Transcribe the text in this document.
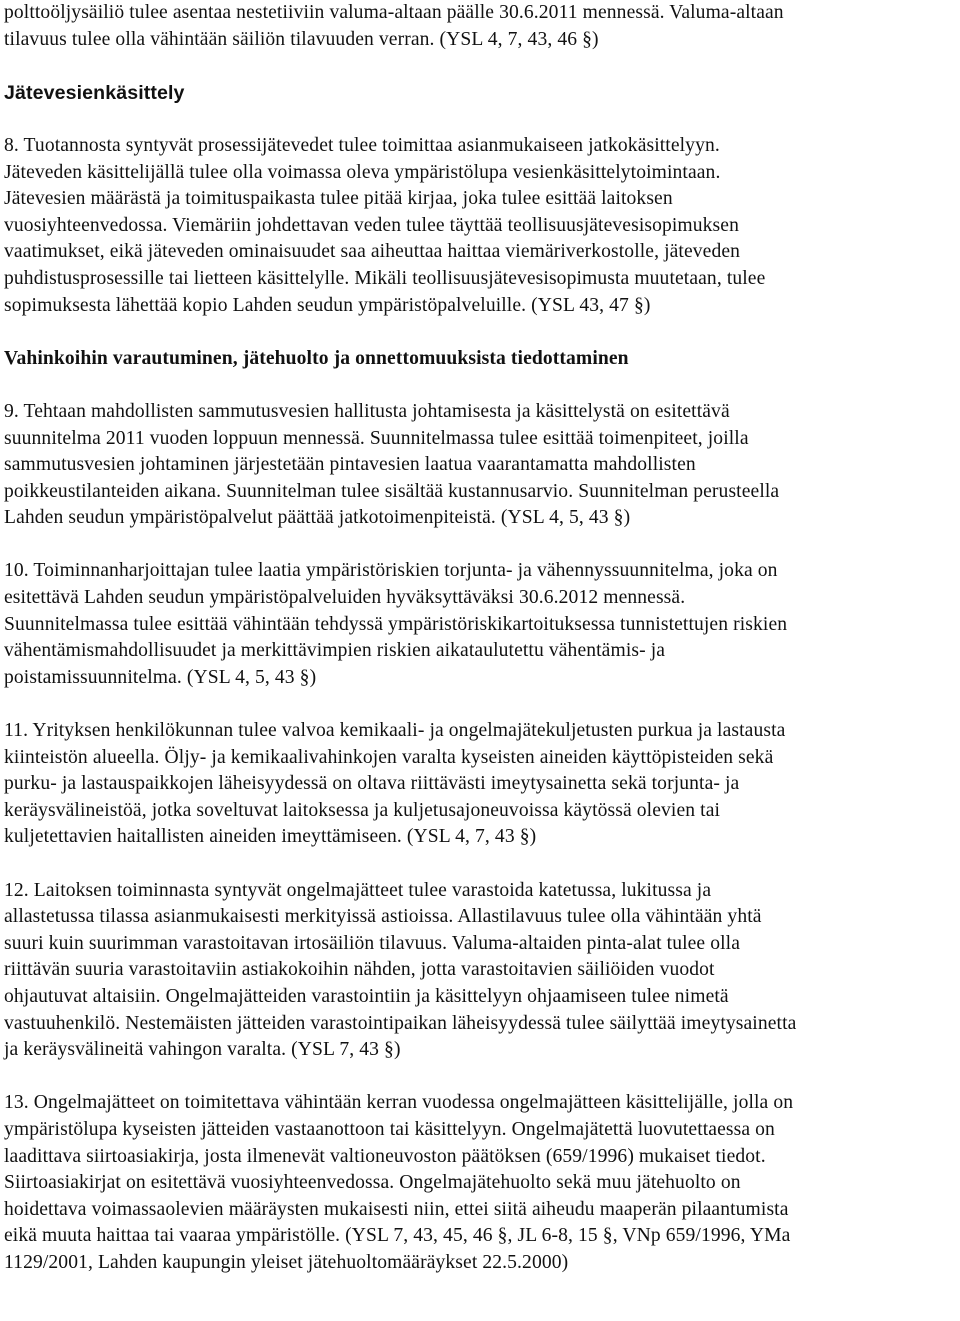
polttoöljysäiliö tulee asentaa nestetiiviin valuma-altaan päälle 30.6.2011 mennessä. Valuma-altaan
tilavuus tulee olla vähintään säiliön tilavuuden verran. (YSL 4, 7, 43, 46 §)

Jätevesienkäsittely

8. Tuotannosta syntyvät prosessijätevedet tulee toimittaa asianmukaiseen jatkokäsittelyyn.
Jäteveden käsittelijällä tulee olla voimassa oleva ympäristölupa vesienkäsittelytoimintaan.
Jätevesien määrästä ja toimituspaikasta tulee pitää kirjaa, joka tulee esittää laitoksen
vuosiyhteenvedossa. Viemäriin johdettavan veden tulee täyttää teollisuusjätevesisopimuksen
vaatimukset, eikä jäteveden ominaisuudet saa aiheuttaa haittaa viemäriverkostolle, jäteveden
puhdistusprosessille tai lietteen käsittelylle. Mikäli teollisuusjätevesisopimusta muutetaan, tulee
sopimuksesta lähettää kopio Lahden seudun ympäristöpalveluille. (YSL 43, 47 §)

Vahinkoihin varautuminen, jätehuolto ja onnettomuuksista tiedottaminen

9. Tehtaan mahdollisten sammutusvesien hallitusta johtamisesta ja käsittelystä on esitettävä
suunnitelma 2011 vuoden loppuun mennessä. Suunnitelmassa tulee esittää toimenpiteet, joilla
sammutusvesien johtaminen järjestetään pintavesien laatua vaarantamatta mahdollisten
poikkeustilanteiden aikana. Suunnitelman tulee sisältää kustannusarvio. Suunnitelman perusteella
Lahden seudun ympäristöpalvelut päättää jatkotoimenpiteistä. (YSL 4, 5, 43 §)

10. Toiminnanharjoittajan tulee laatia ympäristöriskien torjunta- ja vähennyssuunnitelma, joka on
esitettävä Lahden seudun ympäristöpalveluiden hyväksyttäväksi 30.6.2012 mennessä.
Suunnitelmassa tulee esittää vähintään tehdyssä ympäristöriskikartoituksessa tunnistettujen riskien
vähentämismahdollisuudet ja merkittävimpien riskien aikataulutettu vähentämis- ja
poistamissuunnitelma. (YSL 4, 5, 43 §)

11. Yrityksen henkilökunnan tulee valvoa kemikaali- ja ongelmajätekuljetusten purkua ja lastausta
kiinteistön alueella. Öljy- ja kemikaalivahinkojen varalta kyseisten aineiden käyttöpisteiden sekä
purku- ja lastauspaikkojen läheisyydessä on oltava riittävästi imeytysainetta sekä torjunta- ja
keräysvälineistöä, jotka soveltuvat laitoksessa ja kuljetusajoneuvoissa käytössä olevien tai
kuljetettavien haitallisten aineiden imeyttämiseen. (YSL 4, 7, 43 §)

12. Laitoksen toiminnasta syntyvät ongelmajätteet tulee varastoida katetussa, lukitussa ja
allastetussa tilassa asianmukaisesti merkityissä astioissa. Allastilavuus tulee olla vähintään yhtä
suuri kuin suurimman varastoitavan irtosäiliön tilavuus. Valuma-altaiden pinta-alat tulee olla
riittävän suuria varastoitaviin astiakokoihin nähden, jotta varastoitavien säiliöiden vuodot
ohjautuvat altaisiin. Ongelmajätteiden varastointiin ja käsittelyyn ohjaamiseen tulee nimetä
vastuuhenkilö. Nestemäisten jätteiden varastointipaikan läheisyydessä tulee säilyttää imeytysainetta
ja keräysvälineitä vahingon varalta. (YSL 7, 43 §)

13. Ongelmajätteet on toimitettava vähintään kerran vuodessa ongelmajätteen käsittelijälle, jolla on
ympäristölupa kyseisten jätteiden vastaanottoon tai käsittelyyn. Ongelmajätettä luovutettaessa on
laadittava siirtoasiakirja, josta ilmenevät valtioneuvoston päätöksen (659/1996) mukaiset tiedot.
Siirtoasiakirjat on esitettävä vuosiyhteenvedossa. Ongelmajätehuolto sekä muu jätehuolto on
hoidettava voimassaolevien määräysten mukaisesti niin, ettei siitä aiheudu maaperän pilaantumista
eikä muuta haittaa tai vaaraa ympäristölle. (YSL 7, 43, 45, 46 §, JL 6-8, 15 §, VNp 659/1996, YMa
1129/2001, Lahden kaupungin yleiset jätehuoltomääräykset 22.5.2000)
